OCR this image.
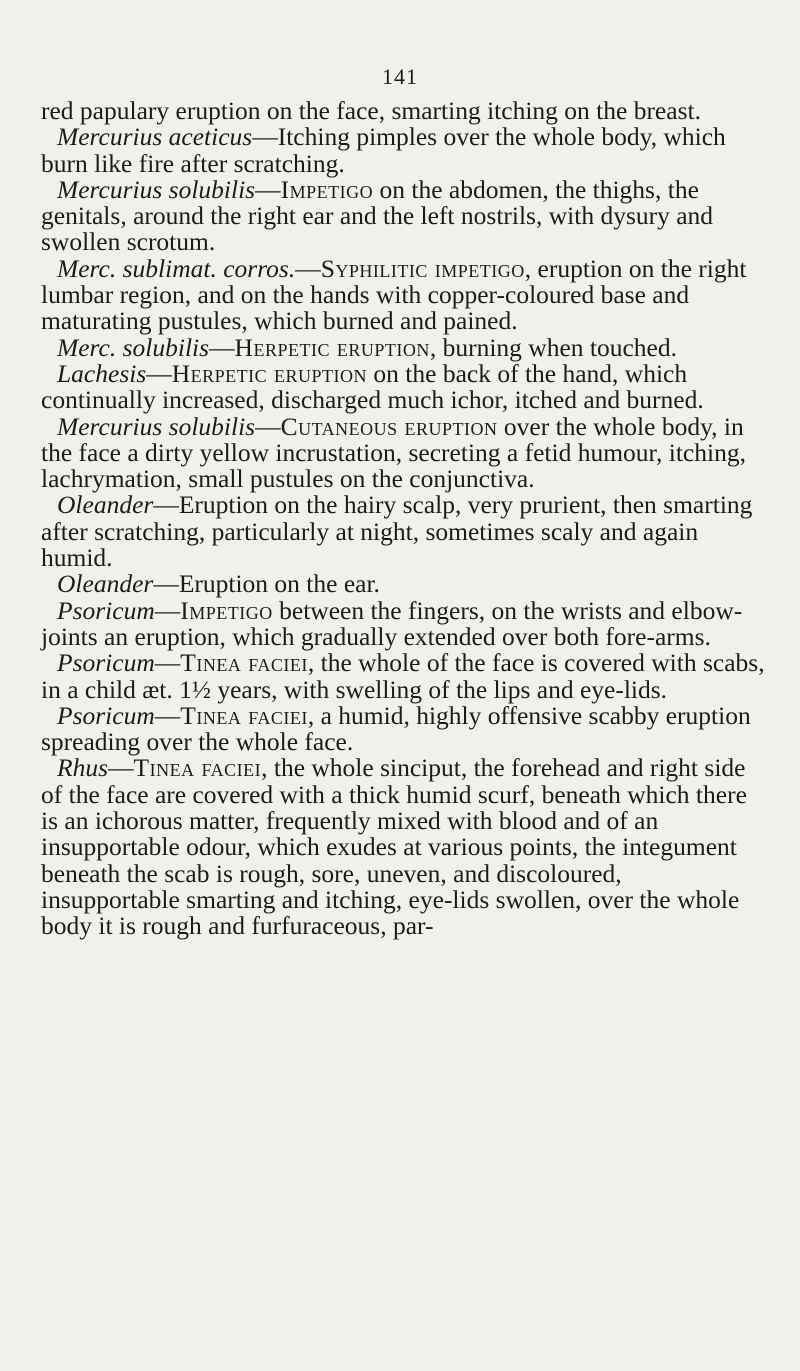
141

red papulary eruption on the face, smarting itching on the breast.

Mercurius aceticus—Itching pimples over the whole body, which burn like fire after scratching.

Mercurius solubilis—Impetigo on the abdomen, the thighs, the genitals, around the right ear and the left nostrils, with dysury and swollen scrotum.

Merc. sublimat. corros.—Syphilitic impetigo, eruption on the right lumbar region, and on the hands with copper-coloured base and maturating pustules, which burned and pained.

Merc. solubilis—Herpetic eruption, burning when touched.

Lachesis—Herpetic eruption on the back of the hand, which continually increased, discharged much ichor, itched and burned.

Mercurius solubilis—Cutaneous eruption over the whole body, in the face a dirty yellow incrustation, secreting a fetid humour, itching, lachrymation, small pustules on the conjunctiva.

Oleander—Eruption on the hairy scalp, very prurient, then smarting after scratching, particularly at night, sometimes scaly and again humid.

Oleander—Eruption on the ear.

Psoricum—Impetigo between the fingers, on the wrists and elbow-joints an eruption, which gradually extended over both fore-arms.

Psoricum—Tinea faciei, the whole of the face is covered with scabs, in a child æt. 1½ years, with swelling of the lips and eye-lids.

Psoricum—Tinea faciei, a humid, highly offensive scabby eruption spreading over the whole face.

Rhus—Tinea faciei, the whole sinciput, the forehead and right side of the face are covered with a thick humid scurf, beneath which there is an ichorous matter, frequently mixed with blood and of an insupportable odour, which exudes at various points, the integument beneath the scab is rough, sore, uneven, and discoloured, insupportable smarting and itching, eye-lids swollen, over the whole body it is rough and furfuraceous, par-
